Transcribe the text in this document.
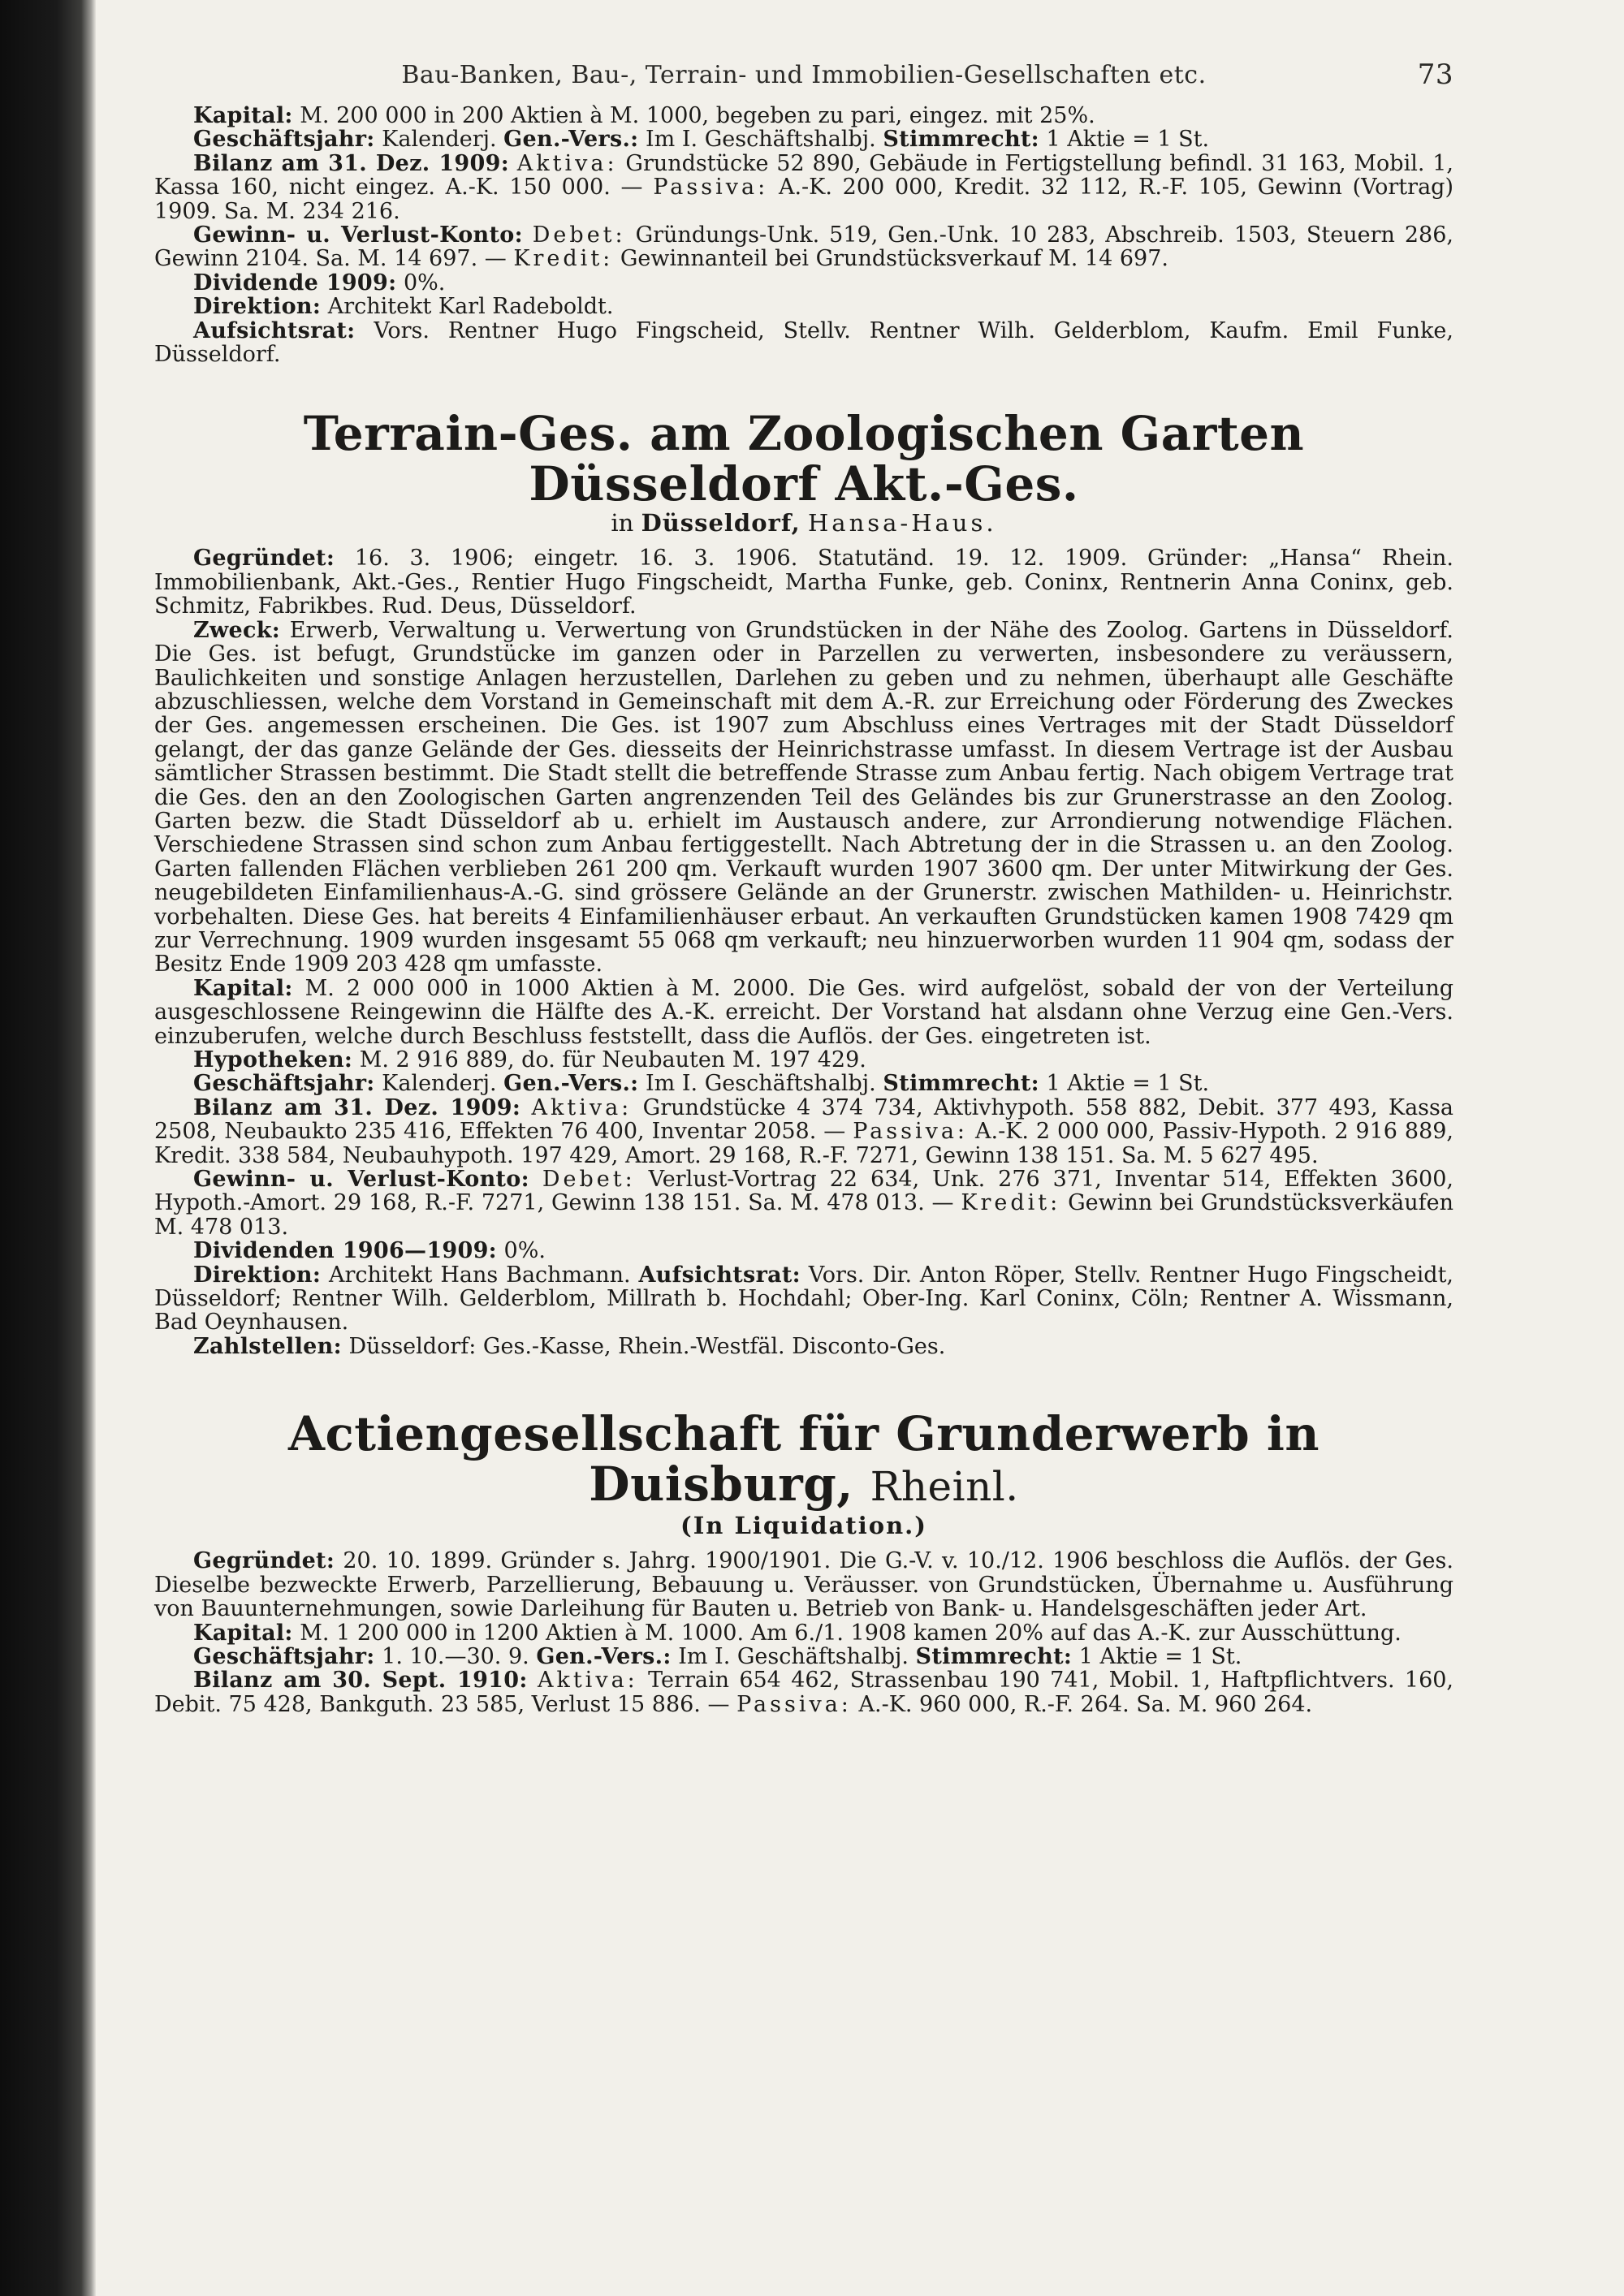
Bau-Banken, Bau-, Terrain- und Immobilien-Gesellschaften etc.	73

Kapital: M. 200 000 in 200 Aktien à M. 1000, begeben zu pari, eingez. mit 25%.

Geschäftsjahr: Kalenderj. Gen.-Vers.: Im I. Geschäftshalbj. Stimmrecht: 1 Aktie = 1 St.

Bilanz am 31. Dez. 1909: Aktiva: Grundstücke 52 890, Gebäude in Fertigstellung befindl. 31 163, Mobil. 1, Kassa 160, nicht eingez. A.-K. 150 000. — Passiva: A.-K. 200 000, Kredit. 32 112, R.-F. 105, Gewinn (Vortrag) 1909. Sa. M. 234 216.

Gewinn- u. Verlust-Konto: Debet: Gründungs-Unk. 519, Gen.-Unk. 10 283, Abschreib. 1503, Steuern 286, Gewinn 2104. Sa. M. 14 697. — Kredit: Gewinnanteil bei Grundstücksverkauf M. 14 697.

Dividende 1909: 0%.

Direktion: Architekt Karl Radeboldt.

Aufsichtsrat: Vors. Rentner Hugo Fingscheid, Stellv. Rentner Wilh. Gelderblom, Kaufm. Emil Funke, Düsseldorf.

Terrain-Ges. am Zoologischen Garten Düsseldorf Akt.-Ges.
in Düsseldorf, Hansa-Haus.

Gegründet: 16. 3. 1906; eingetr. 16. 3. 1906. Statutänd. 19. 12. 1909. Gründer: „Hansa“ Rhein. Immobilienbank, Akt.-Ges., Rentier Hugo Fingscheidt, Martha Funke, geb. Coninx, Rentnerin Anna Coninx, geb. Schmitz, Fabrikbes. Rud. Deus, Düsseldorf.

Zweck: Erwerb, Verwaltung u. Verwertung von Grundstücken in der Nähe des Zoolog. Gartens in Düsseldorf. Die Ges. ist befugt, Grundstücke im ganzen oder in Parzellen zu verwerten, insbesondere zu veräussern, Baulichkeiten und sonstige Anlagen herzustellen, Darlehen zu geben und zu nehmen, überhaupt alle Geschäfte abzuschliessen, welche dem Vorstand in Gemeinschaft mit dem A.-R. zur Erreichung oder Förderung des Zweckes der Ges. angemessen erscheinen. Die Ges. ist 1907 zum Abschluss eines Vertrages mit der Stadt Düsseldorf gelangt, der das ganze Gelände der Ges. diesseits der Heinrichstrasse umfasst. In diesem Vertrage ist der Ausbau sämtlicher Strassen bestimmt. Die Stadt stellt die betreffende Strasse zum Anbau fertig. Nach obigem Vertrage trat die Ges. den an den Zoologischen Garten angrenzenden Teil des Geländes bis zur Grunerstrasse an den Zoolog. Garten bezw. die Stadt Düsseldorf ab u. erhielt im Austausch andere, zur Arrondierung notwendige Flächen. Verschiedene Strassen sind schon zum Anbau fertiggestellt. Nach Abtretung der in die Strassen u. an den Zoolog. Garten fallenden Flächen verblieben 261 200 qm. Verkauft wurden 1907 3600 qm. Der unter Mitwirkung der Ges. neugebildeten Einfamilienhaus-A.-G. sind grössere Gelände an der Grunerstr. zwischen Mathilden- u. Heinrichstr. vorbehalten. Diese Ges. hat bereits 4 Einfamilienhäuser erbaut. An verkauften Grundstücken kamen 1908 7429 qm zur Verrechnung. 1909 wurden insgesamt 55 068 qm verkauft; neu hinzuerworben wurden 11 904 qm, sodass der Besitz Ende 1909 203 428 qm umfasste.

Kapital: M. 2 000 000 in 1000 Aktien à M. 2000. Die Ges. wird aufgelöst, sobald der von der Verteilung ausgeschlossene Reingewinn die Hälfte des A.-K. erreicht. Der Vorstand hat alsdann ohne Verzug eine Gen.-Vers. einzuberufen, welche durch Beschluss feststellt, dass die Auflös. der Ges. eingetreten ist.

Hypotheken: M. 2 916 889, do. für Neubauten M. 197 429.

Geschäftsjahr: Kalenderj. Gen.-Vers.: Im I. Geschäftshalbj. Stimmrecht: 1 Aktie = 1 St.

Bilanz am 31. Dez. 1909: Aktiva: Grundstücke 4 374 734, Aktivhypoth. 558 882, Debit. 377 493, Kassa 2508, Neubaukto 235 416, Effekten 76 400, Inventar 2058. — Passiva: A.-K. 2 000 000, Passiv-Hypoth. 2 916 889, Kredit. 338 584, Neubauhypoth. 197 429, Amort. 29 168, R.-F. 7271, Gewinn 138 151. Sa. M. 5 627 495.

Gewinn- u. Verlust-Konto: Debet: Verlust-Vortrag 22 634, Unk. 276 371, Inventar 514, Effekten 3600, Hypoth.-Amort. 29 168, R.-F. 7271, Gewinn 138 151. Sa. M. 478 013. — Kredit: Gewinn bei Grundstücksverkäufen M. 478 013.

Dividenden 1906—1909: 0%.

Direktion: Architekt Hans Bachmann. Aufsichtsrat: Vors. Dir. Anton Röper, Stellv. Rentner Hugo Fingscheidt, Düsseldorf; Rentner Wilh. Gelderblom, Millrath b. Hochdahl; Ober-Ing. Karl Coninx, Cöln; Rentner A. Wissmann, Bad Oeynhausen.

Zahlstellen: Düsseldorf: Ges.-Kasse, Rhein.-Westfäl. Disconto-Ges.

Actiengesellschaft für Grunderwerb in Duisburg, Rheinl.
(In Liquidation.)

Gegründet: 20. 10. 1899. Gründer s. Jahrg. 1900/1901. Die G.-V. v. 10./12. 1906 beschloss die Auflös. der Ges. Dieselbe bezweckte Erwerb, Parzellierung, Bebauung u. Veräusser. von Grundstücken, Übernahme u. Ausführung von Bauunternehmungen, sowie Darleihung für Bauten u. Betrieb von Bank- u. Handelsgeschäften jeder Art.

Kapital: M. 1 200 000 in 1200 Aktien à M. 1000. Am 6./1. 1908 kamen 20% auf das A.-K. zur Ausschüttung.

Geschäftsjahr: 1. 10.—30. 9. Gen.-Vers.: Im I. Geschäftshalbj. Stimmrecht: 1 Aktie = 1 St.

Bilanz am 30. Sept. 1910: Aktiva: Terrain 654 462, Strassenbau 190 741, Mobil. 1, Haftpflichtvers. 160, Debit. 75 428, Bankguth. 23 585, Verlust 15 886. — Passiva: A.-K. 960 000, R.-F. 264. Sa. M. 960 264.
